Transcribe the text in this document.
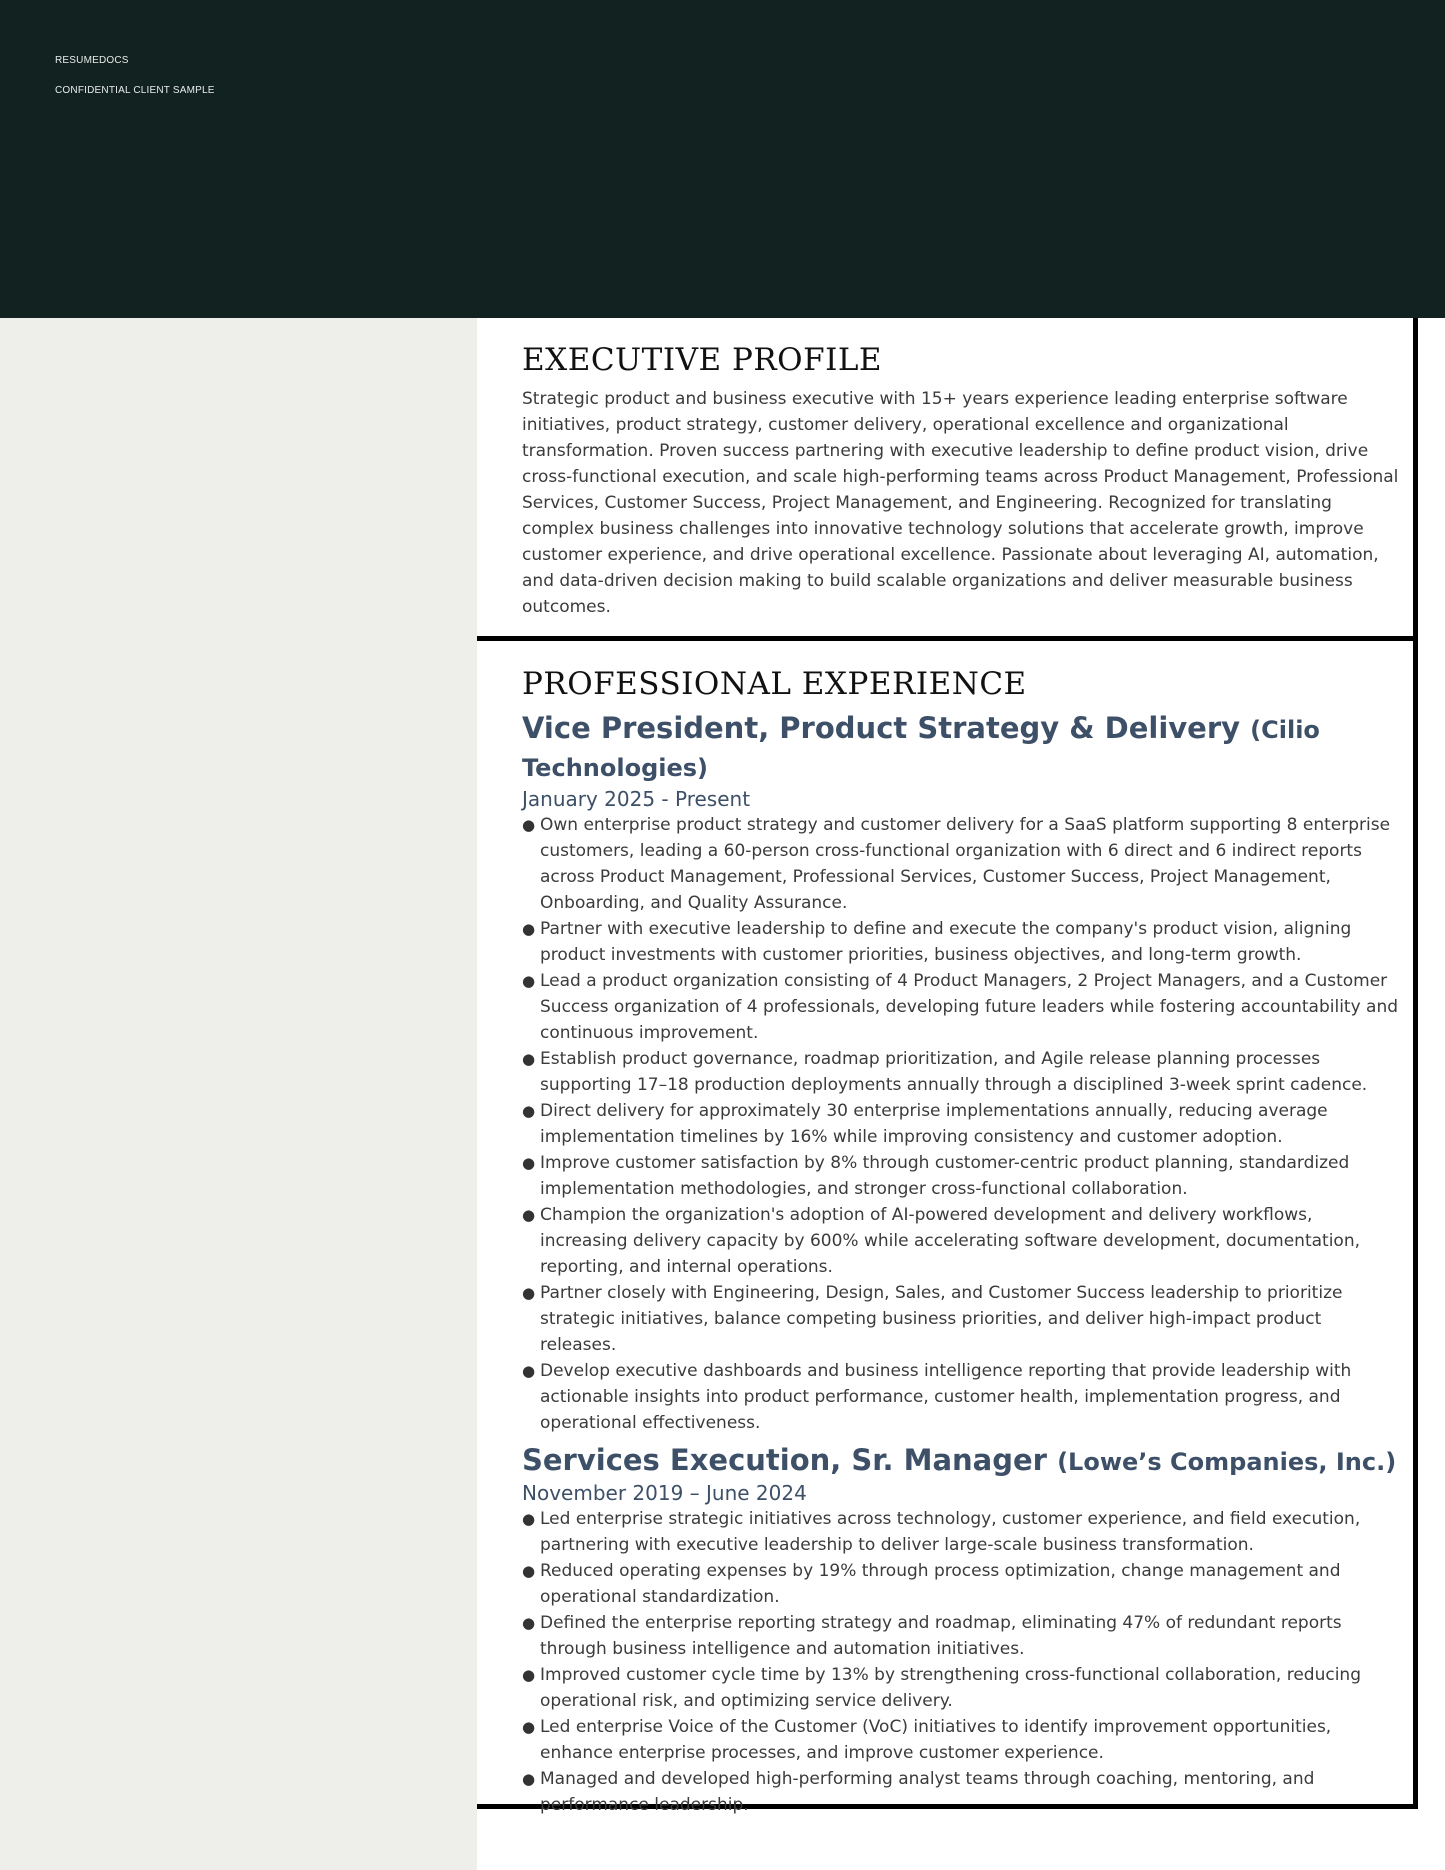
RESUMEDOCS
CONFIDENTIAL CLIENT SAMPLE
EXECUTIVE PROFILE

Strategic product and business executive with 15+ years experience leading enterprise software initiatives, product strategy, customer delivery, operational excellence and organizational transformation. Proven success partnering with executive leadership to define product vision, drive cross-functional execution, and scale high-performing teams across Product Management, Professional Services, Customer Success, Project Management, and Engineering. Recognized for translating complex business challenges into innovative technology solutions that accelerate growth, improve customer experience, and drive operational excellence. Passionate about leveraging AI, automation, and data-driven decision making to build scalable organizations and deliver measurable business outcomes.

PROFESSIONAL EXPERIENCE
Vice President, Product Strategy & Delivery (Cilio Technologies)

January 2025 - Present

● Own enterprise product strategy and customer delivery for a SaaS platform supporting 8 enterprise customers, leading a 60-person cross-functional organization with 6 direct and 6 indirect reports across Product Management, Professional Services, Customer Success, Project Management, Onboarding, and Quality Assurance.
● Partner with executive leadership to define and execute the company's product vision, aligning product investments with customer priorities, business objectives, and long-term growth.
● Lead a product organization consisting of 4 Product Managers, 2 Project Managers, and a Customer Success organization of 4 professionals, developing future leaders while fostering accountability and continuous improvement.
● Establish product governance, roadmap prioritization, and Agile release planning processes supporting 17–18 production deployments annually through a disciplined 3-week sprint cadence.
● Direct delivery for approximately 30 enterprise implementations annually, reducing average implementation timelines by 16% while improving consistency and customer adoption.
● Improve customer satisfaction by 8% through customer-centric product planning, standardized implementation methodologies, and stronger cross-functional collaboration.
● Champion the organization's adoption of AI-powered development and delivery workflows, increasing delivery capacity by 600% while accelerating software development, documentation, reporting, and internal operations.
● Partner closely with Engineering, Design, Sales, and Customer Success leadership to prioritize strategic initiatives, balance competing business priorities, and deliver high-impact product releases.
● Develop executive dashboards and business intelligence reporting that provide leadership with actionable insights into product performance, customer health, implementation progress, and operational effectiveness.
Services Execution, Sr. Manager (Lowe’s Companies, Inc.)

November 2019 – June 2024

● Led enterprise strategic initiatives across technology, customer experience, and field execution, partnering with executive leadership to deliver large-scale business transformation.
● Reduced operating expenses by 19% through process optimization, change management and operational standardization.
● Defined the enterprise reporting strategy and roadmap, eliminating 47% of redundant reports through business intelligence and automation initiatives.
● Improved customer cycle time by 13% by strengthening cross-functional collaboration, reducing operational risk, and optimizing service delivery.
● Led enterprise Voice of the Customer (VoC) initiatives to identify improvement opportunities, enhance enterprise processes, and improve customer experience.
● Managed and developed high-performing analyst teams through coaching, mentoring, and performance leadership.
